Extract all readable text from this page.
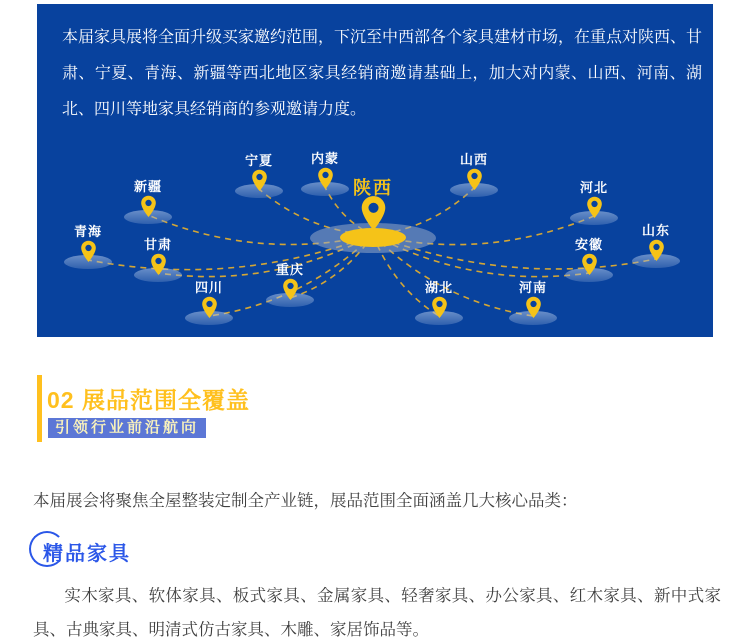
本届家具展将全面升级买家邀约范围，下沉至中西部各个家具建材市场，在重点对陕西、甘肃、宁夏、青海、新疆等西北地区家具经销商邀请基础上，加大对内蒙、山西、河南、湖北、四川等地家具经销商的参观邀请力度。

陕西
新疆
青海
甘肃
宁夏	内蒙
四川
重庆
山西
河北
山东
安徽
湖北	河南
02 展品范围全覆盖
引领行业前沿航向

本届展会将聚焦全屋整装定制全产业链，展品范围全面涵盖几大核心品类：

精品家具

实木家具、软体家具、板式家具、金属家具、轻奢家具、办公家具、红木家具、新中式家具、古典家具、明清式仿古家具、木雕、家居饰品等。
